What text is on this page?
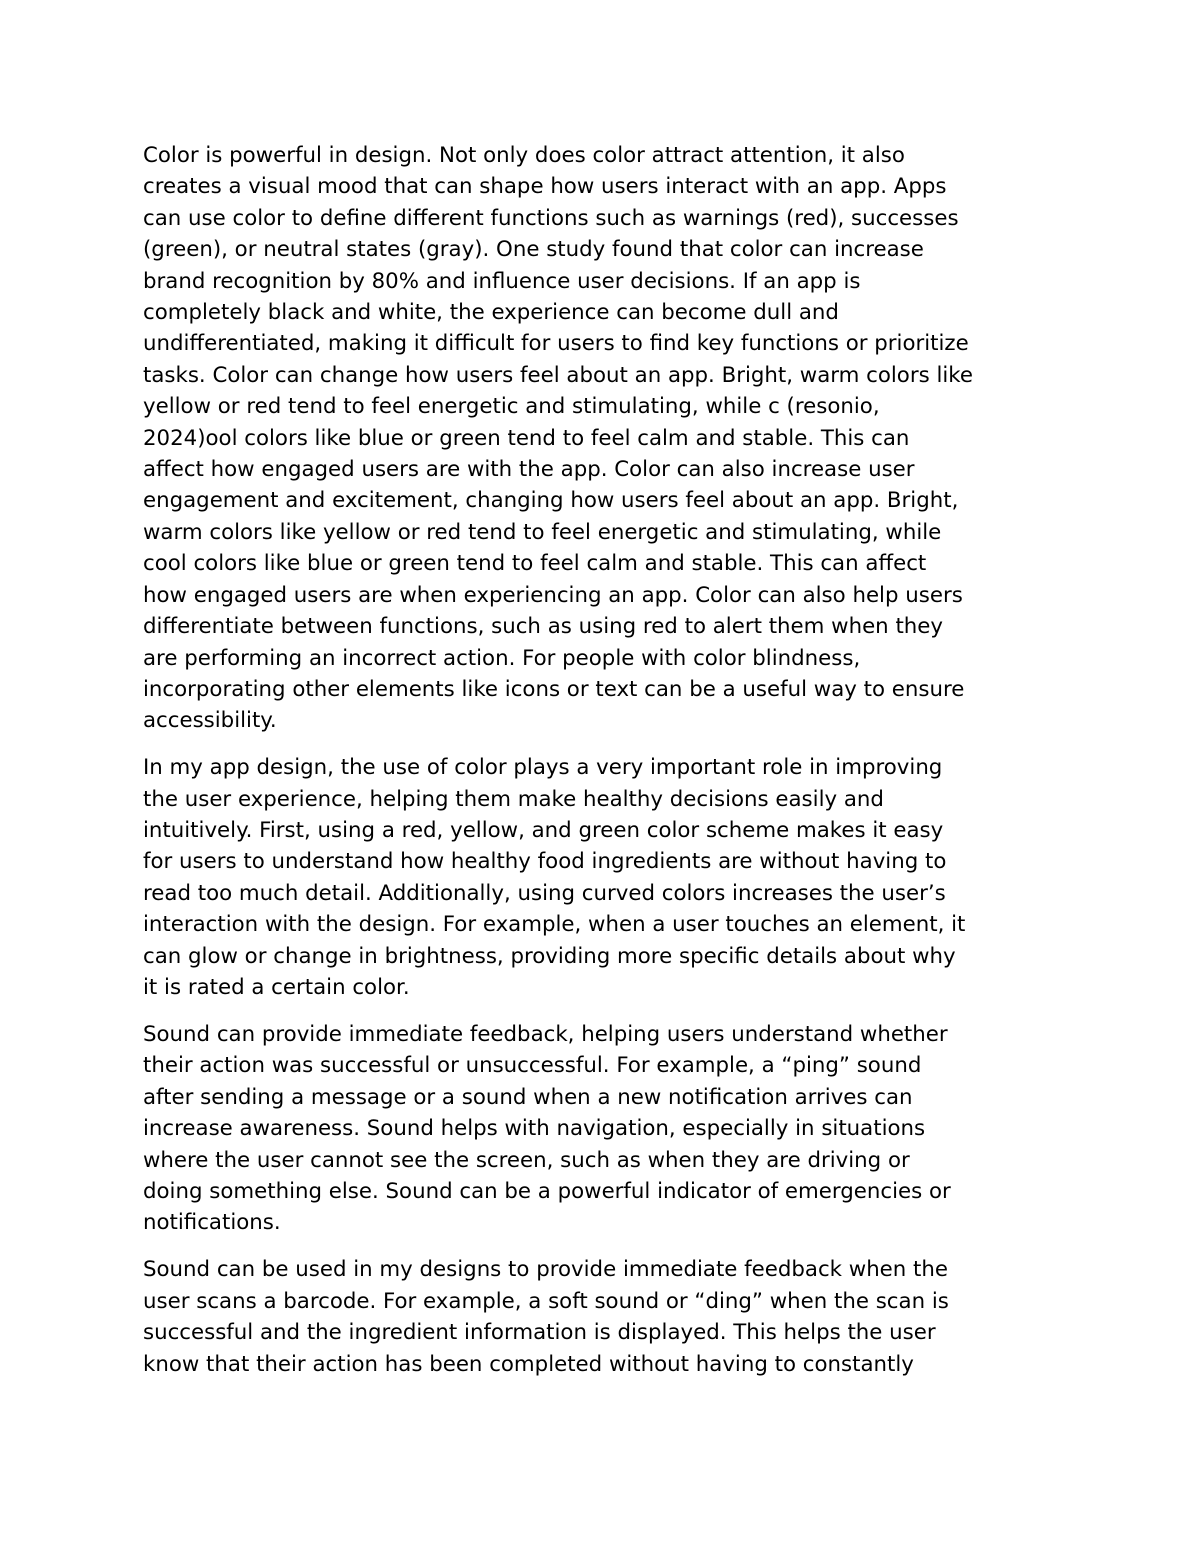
Color is powerful in design. Not only does color attract attention, it also
creates a visual mood that can shape how users interact with an app. Apps
can use color to define different functions such as warnings (red), successes
(green), or neutral states (gray). One study found that color can increase
brand recognition by 80% and influence user decisions. If an app is
completely black and white, the experience can become dull and
undifferentiated, making it difficult for users to find key functions or prioritize
tasks. Color can change how users feel about an app. Bright, warm colors like
yellow or red tend to feel energetic and stimulating, while c (resonio,
2024)ool colors like blue or green tend to feel calm and stable. This can
affect how engaged users are with the app. Color can also increase user
engagement and excitement, changing how users feel about an app. Bright,
warm colors like yellow or red tend to feel energetic and stimulating, while
cool colors like blue or green tend to feel calm and stable. This can affect
how engaged users are when experiencing an app. Color can also help users
differentiate between functions, such as using red to alert them when they
are performing an incorrect action. For people with color blindness,
incorporating other elements like icons or text can be a useful way to ensure
accessibility.

In my app design, the use of color plays a very important role in improving
the user experience, helping them make healthy decisions easily and
intuitively. First, using a red, yellow, and green color scheme makes it easy
for users to understand how healthy food ingredients are without having to
read too much detail. Additionally, using curved colors increases the user’s
interaction with the design. For example, when a user touches an element, it
can glow or change in brightness, providing more specific details about why
it is rated a certain color.

Sound can provide immediate feedback, helping users understand whether
their action was successful or unsuccessful. For example, a “ping” sound
after sending a message or a sound when a new notification arrives can
increase awareness. Sound helps with navigation, especially in situations
where the user cannot see the screen, such as when they are driving or
doing something else. Sound can be a powerful indicator of emergencies or
notifications.

Sound can be used in my designs to provide immediate feedback when the
user scans a barcode. For example, a soft sound or “ding” when the scan is
successful and the ingredient information is displayed. This helps the user
know that their action has been completed without having to constantly
